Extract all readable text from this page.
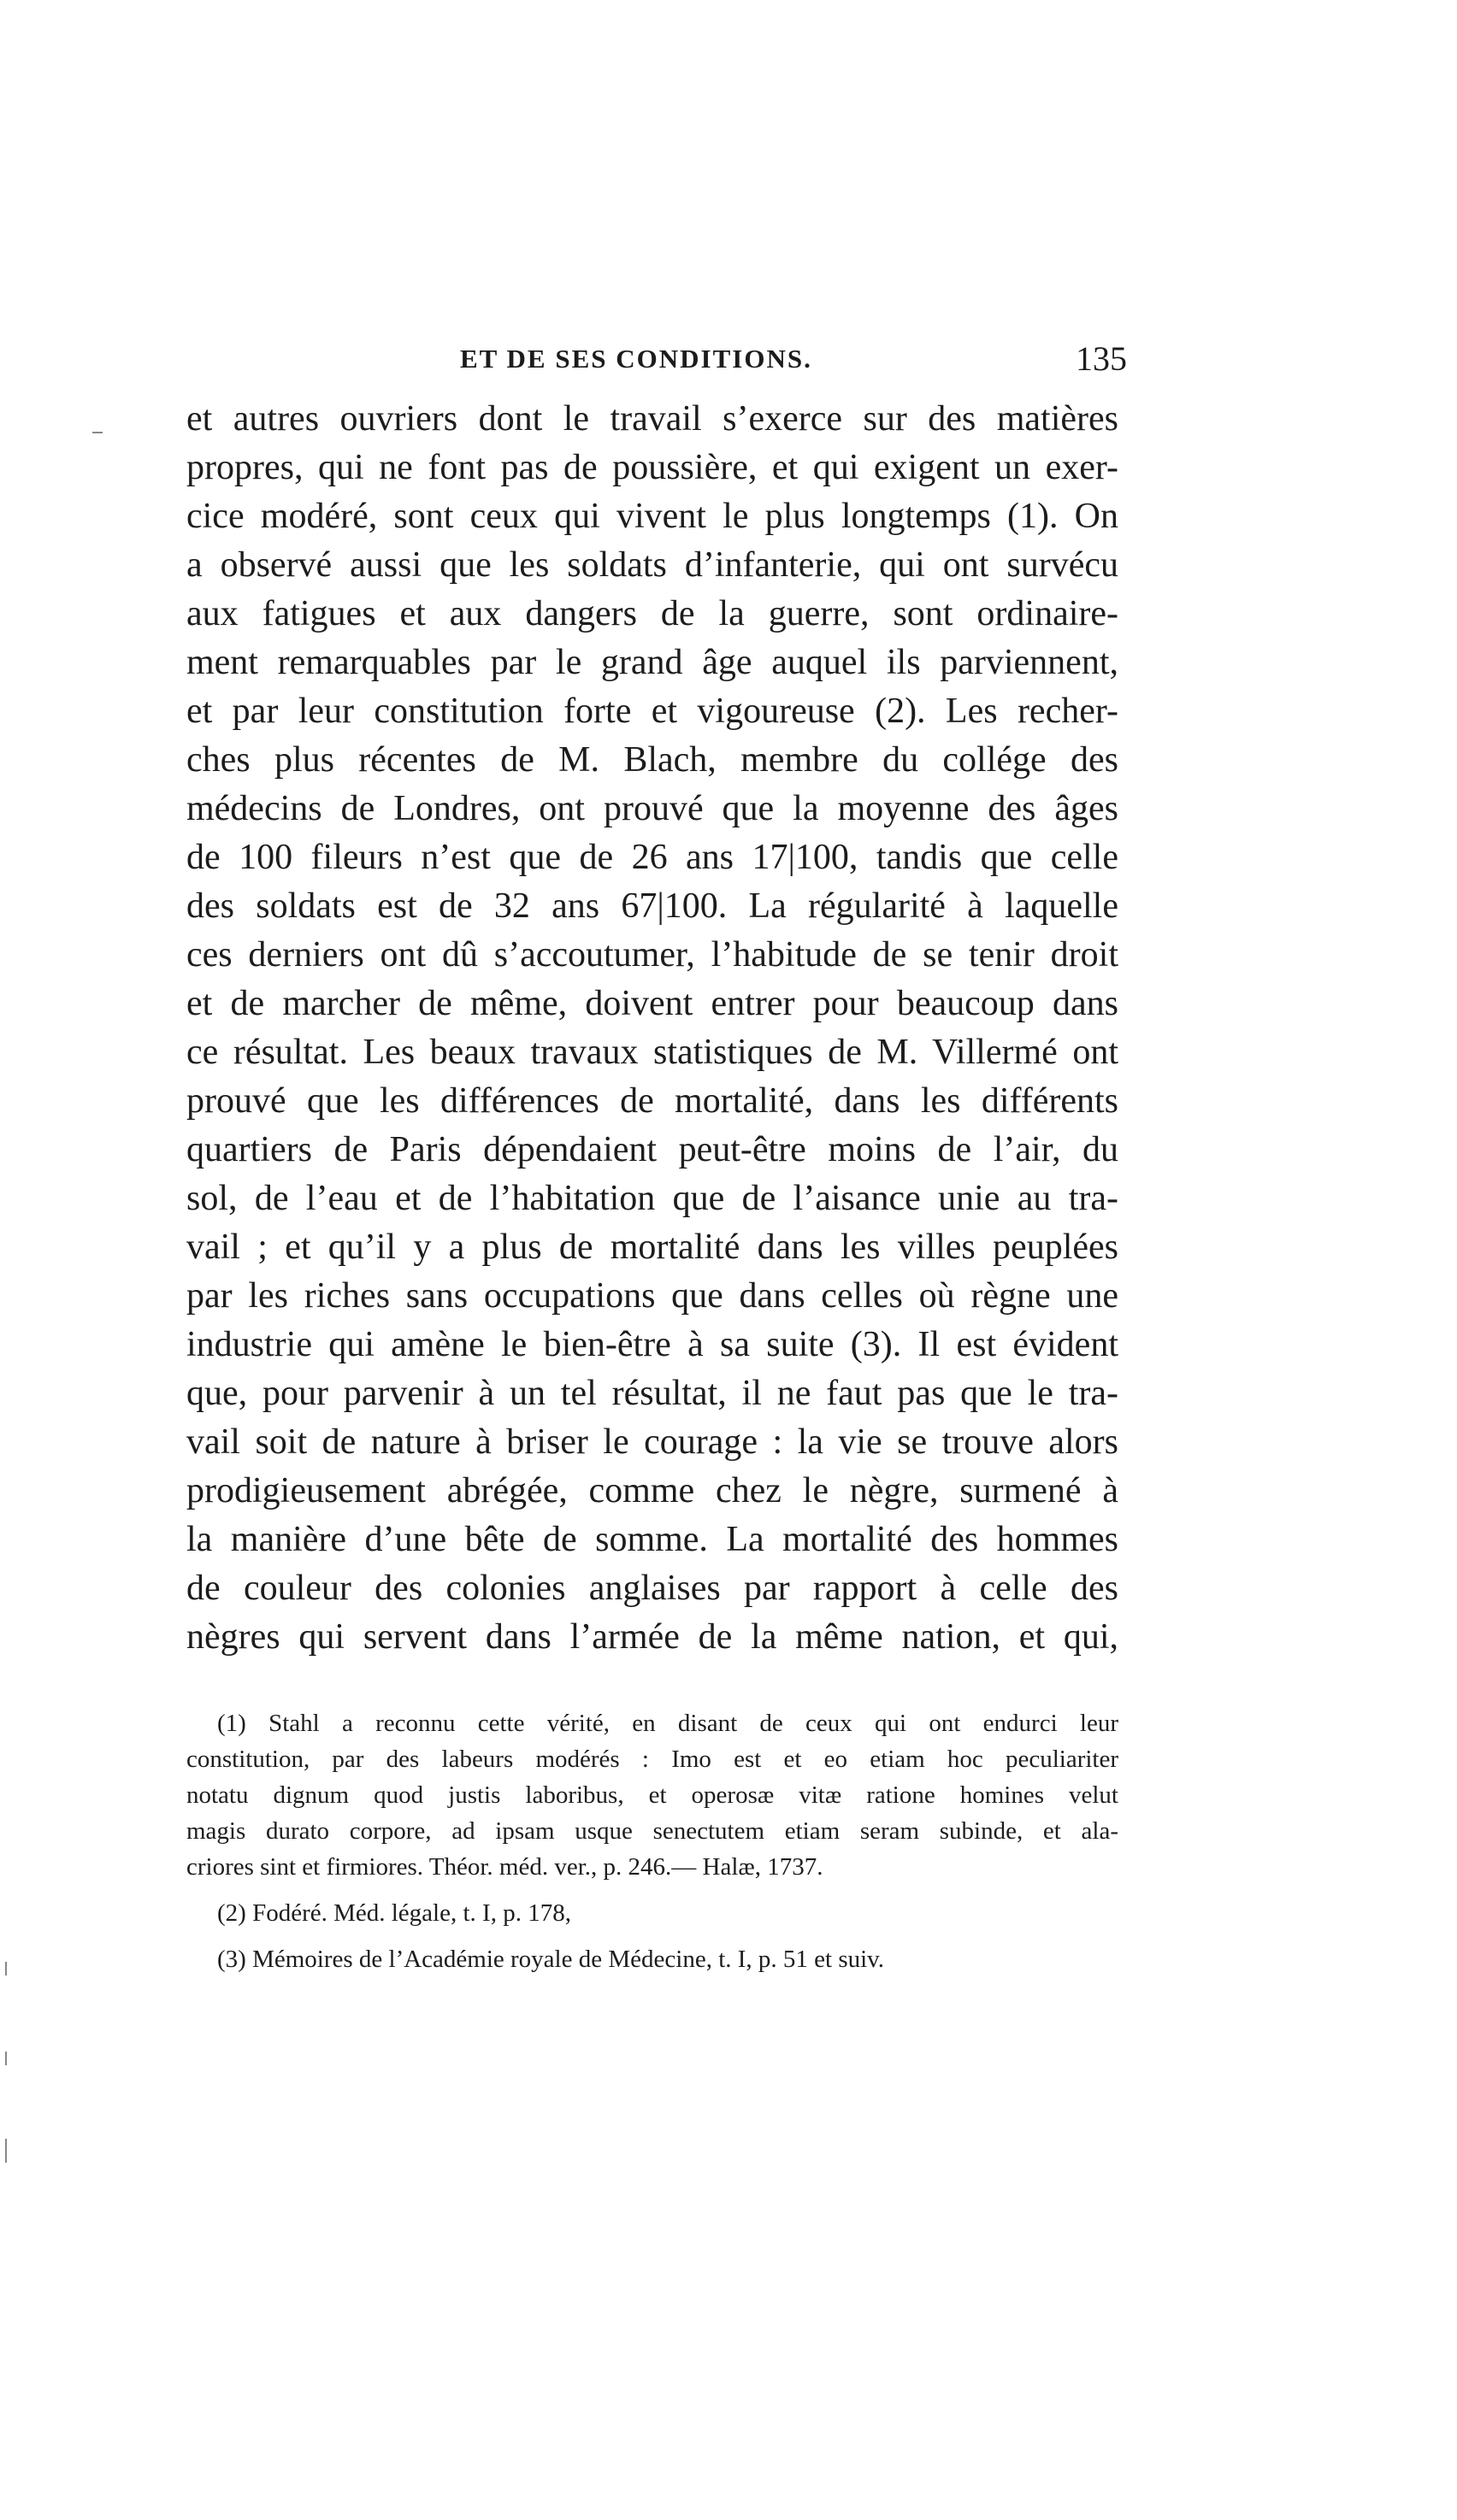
ET DE SES CONDITIONS.	135
et autres ouvriers dont le travail s’exerce sur des matières
propres, qui ne font pas de poussière, et qui exigent un exer-
cice modéré, sont ceux qui vivent le plus longtemps (1). On
a observé aussi que les soldats d’infanterie, qui ont survécu
aux fatigues et aux dangers de la guerre, sont ordinaire-
ment remarquables par le grand âge auquel ils parviennent,
et par leur constitution forte et vigoureuse (2). Les recher-
ches plus récentes de M. Blach, membre du collége des
médecins de Londres, ont prouvé que la moyenne des âges
de 100 fileurs n’est que de 26 ans 17|100, tandis que celle
des soldats est de 32 ans 67|100. La régularité à laquelle
ces derniers ont dû s’accoutumer, l’habitude de se tenir droit
et de marcher de même, doivent entrer pour beaucoup dans
ce résultat. Les beaux travaux statistiques de M. Villermé ont
prouvé que les différences de mortalité, dans les différents
quartiers de Paris dépendaient peut-être moins de l’air, du
sol, de l’eau et de l’habitation que de l’aisance unie au tra-
vail ; et qu’il y a plus de mortalité dans les villes peuplées
par les riches sans occupations que dans celles où règne une
industrie qui amène le bien-être à sa suite (3). Il est évident
que, pour parvenir à un tel résultat, il ne faut pas que le tra-
vail soit de nature à briser le courage : la vie se trouve alors
prodigieusement abrégée, comme chez le nègre, surmené à
la manière d’une bête de somme. La mortalité des hommes
de couleur des colonies anglaises par rapport à celle des
nègres qui servent dans l’armée de la même nation, et qui,
(1) Stahl a reconnu cette vérité, en disant de ceux qui ont endurci leur
constitution, par des labeurs modérés : Imo est et eo etiam hoc peculiariter
notatu dignum quod justis laboribus, et operosæ vitæ ratione homines velut
magis durato corpore, ad ipsam usque senectutem etiam seram subinde, et ala-
criores sint et firmiores. Théor. méd. ver., p. 246.— Halæ, 1737.
(2) Fodéré. Méd. légale, t. I, p. 178,
(3) Mémoires de l’Académie royale de Médecine, t. I, p. 51 et suiv.
